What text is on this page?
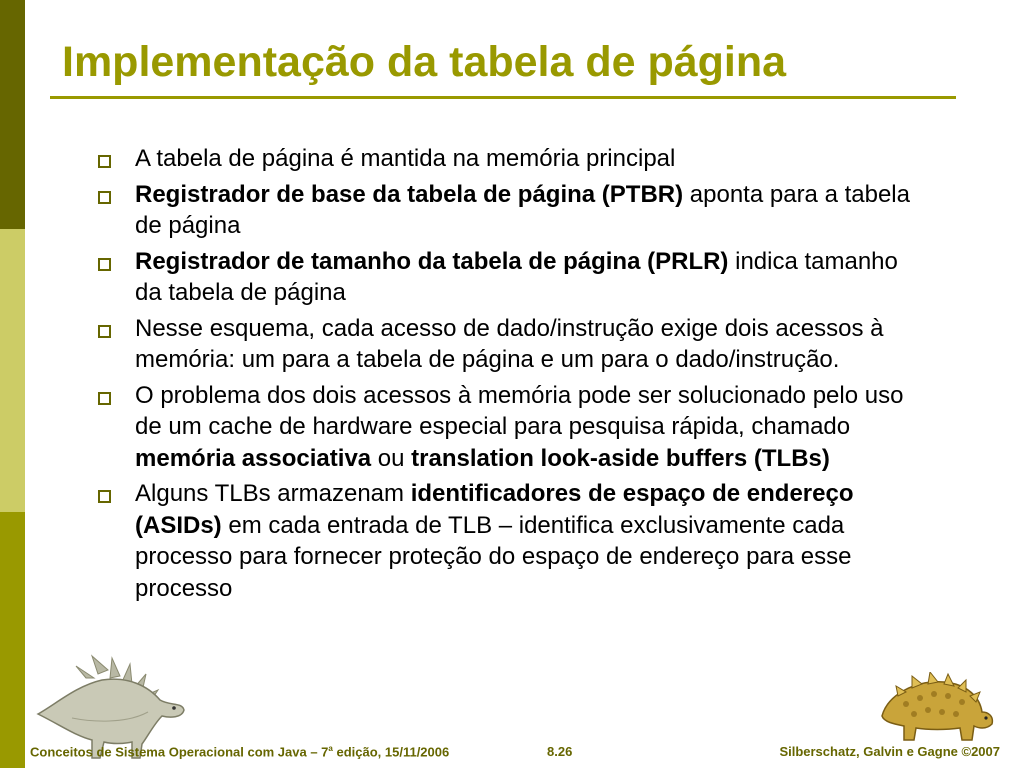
Implementação da tabela de página
A tabela de página é mantida na memória principal
Registrador de base da tabela de página (PTBR) aponta para a tabela de página
Registrador de tamanho da tabela de página (PRLR) indica tamanho da tabela de página
Nesse esquema, cada acesso de dado/instrução exige dois acessos à memória: um para a tabela de página e um para o dado/instrução.
O problema dos dois acessos à memória pode ser solucionado pelo uso de um cache de hardware especial para pesquisa rápida, chamado memória associativa ou translation look-aside buffers (TLBs)
Alguns TLBs armazenam identificadores de espaço de endereço (ASIDs) em cada entrada de TLB – identifica exclusivamente cada processo para fornecer proteção do espaço de endereço para esse processo
Conceitos de Sistema Operacional com Java – 7$^a$ edição, 15/11/2006	8.26	Silberschatz, Galvin e Gagne ©2007
